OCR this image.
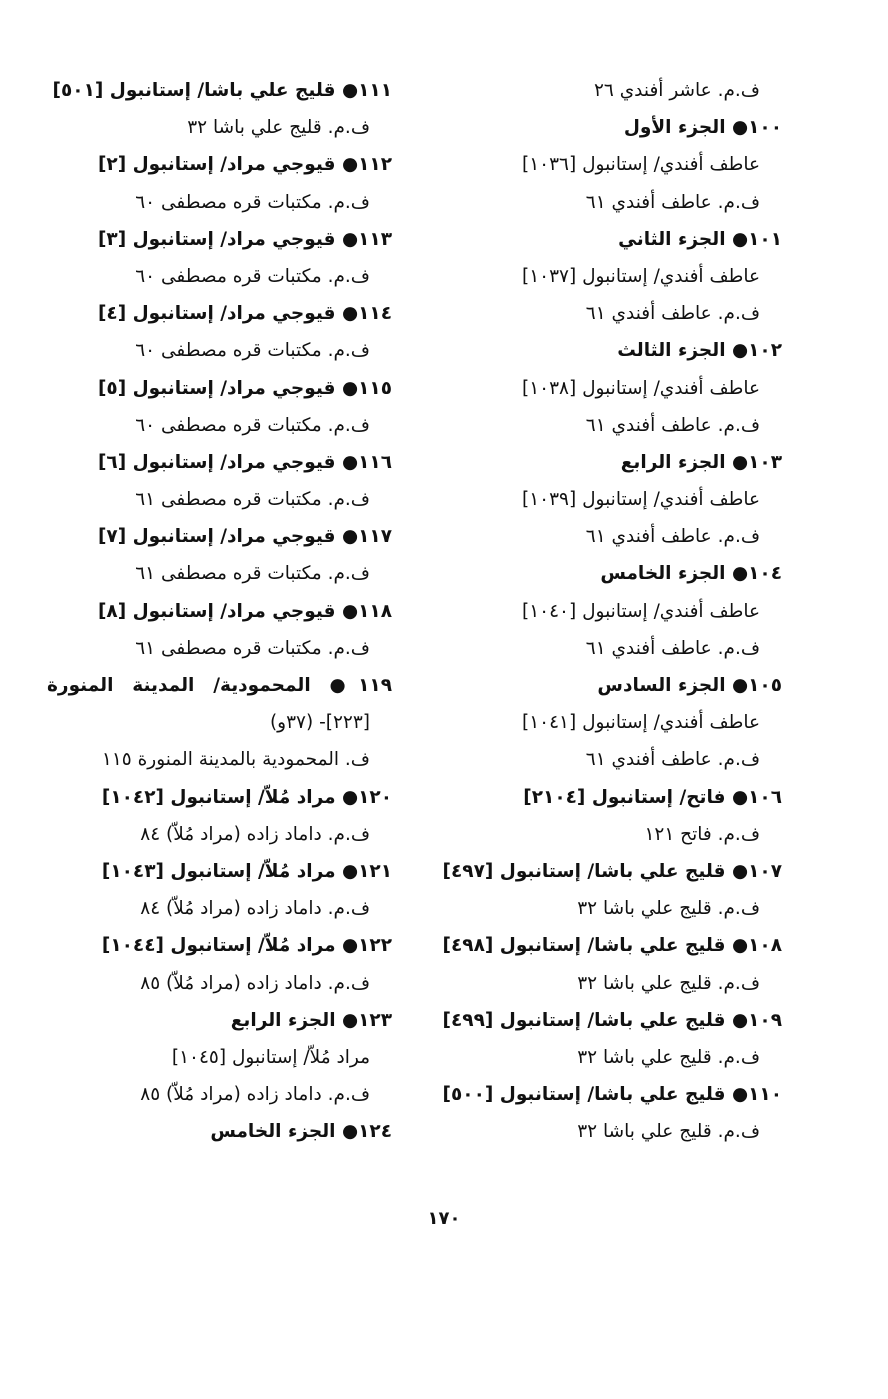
ف.م. عاشر أفندي ٢٦
١٠٠● الجزء الأول
عاطف أفندي/ إستانبول [١٠٣٦]
ف.م. عاطف أفندي ٦١
١٠١● الجزء الثاني
عاطف أفندي/ إستانبول [١٠٣٧]
ف.م. عاطف أفندي ٦١
١٠٢● الجزء الثالث
عاطف أفندي/ إستانبول [١٠٣٨]
ف.م. عاطف أفندي ٦١
١٠٣● الجزء الرابع
عاطف أفندي/ إستانبول [١٠٣٩]
ف.م. عاطف أفندي ٦١
١٠٤● الجزء الخامس
عاطف أفندي/ إستانبول [١٠٤٠]
ف.م. عاطف أفندي ٦١
١٠٥● الجزء السادس
عاطف أفندي/ إستانبول [١٠٤١]
ف.م. عاطف أفندي ٦١
١٠٦● فاتح/ إستانبول [٢١٠٤]
ف.م. فاتح ١٢١
١٠٧● قليج علي باشا/ إستانبول [٤٩٧]
ف.م. قليج علي باشا ٣٢
١٠٨● قليج علي باشا/ إستانبول [٤٩٨]
ف.م. قليج علي باشا ٣٢
١٠٩● قليج علي باشا/ إستانبول [٤٩٩]
ف.م. قليج علي باشا ٣٢
١١٠● قليج علي باشا/ إستانبول [٥٠٠]
ف.م. قليج علي باشا ٣٢
١١١● قليج علي باشا/ إستانبول [٥٠١]
ف.م. قليج علي باشا ٣٢
١١٢● قيوجي مراد/ إستانبول [٢]
ف.م. مكتبات قره مصطفى ٦٠
١١٣● قيوجي مراد/ إستانبول [٣]
ف.م. مكتبات قره مصطفى ٦٠
١١٤● قيوجي مراد/ إستانبول [٤]
ف.م. مكتبات قره مصطفى ٦٠
١١٥● قيوجي مراد/ إستانبول [٥]
ف.م. مكتبات قره مصطفى ٦٠
١١٦● قيوجي مراد/ إستانبول [٦]
ف.م. مكتبات قره مصطفى ٦١
١١٧● قيوجي مراد/ إستانبول [٧]
ف.م. مكتبات قره مصطفى ٦١
١١٨● قيوجي مراد/ إستانبول [٨]
ف.م. مكتبات قره مصطفى ٦١
١١٩● المحمودية/ المدينة المنورة
[٢٢٣]- (٣٧و)
ف. المحمودية بالمدينة المنورة ١١٥
١٢٠● مراد مُلاّ/ إستانبول [١٠٤٢]
ف.م. داماد زاده (مراد مُلاّ) ٨٤
١٢١● مراد مُلاّ/ إستانبول [١٠٤٣]
ف.م. داماد زاده (مراد مُلاّ) ٨٤
١٢٢● مراد مُلاّ/ إستانبول [١٠٤٤]
ف.م. داماد زاده (مراد مُلاّ) ٨٥
١٢٣● الجزء الرابع
مراد مُلاّ/ إستانبول [١٠٤٥]
ف.م. داماد زاده (مراد مُلاّ) ٨٥
١٢٤● الجزء الخامس
١٧٠
